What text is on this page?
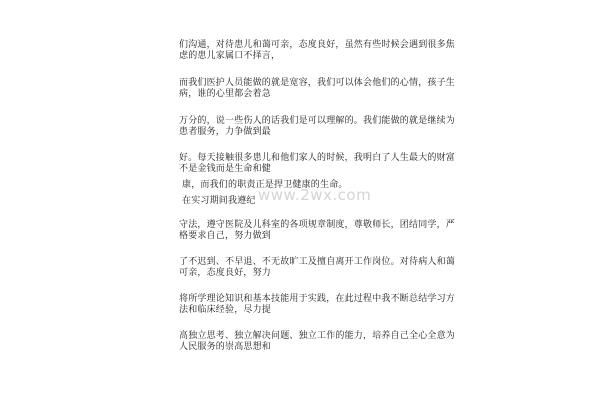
们沟通，对待患儿和蔼可亲，态度良好，虽然有些时候会遇到很多焦
虑的患儿家属口不择言，
而我们医护人员能做的就是宽容，我们可以体会他们的心情，孩子生
病，谁的心里都会着急
万分的，说一些伤人的话我们是可以理解的。我们能做的就是继续为
患者服务，力争做到最
好。每天接触很多患儿和他们家人的时候，我明白了人生最大的财富
不是金钱而是生命和健
康，而我们的职责正是捍卫健康的生命。
在实习期间我遵纪
守法，遵守医院及儿科室的各项规章制度，尊敬师长，团结同学，严
格要求自己，努力做到
了不迟到、不早退、不无故旷工及擅自离开工作岗位。对待病人和蔼
可亲，态度良好，努力
将所学理论知识和基本技能用于实践，在此过程中我不断总结学习方
法和临床经验，尽力提
高独立思考、独立解决问题、独立工作的能力，培养自己全心全意为
人民服务的崇高思想和
www.2wx.com
